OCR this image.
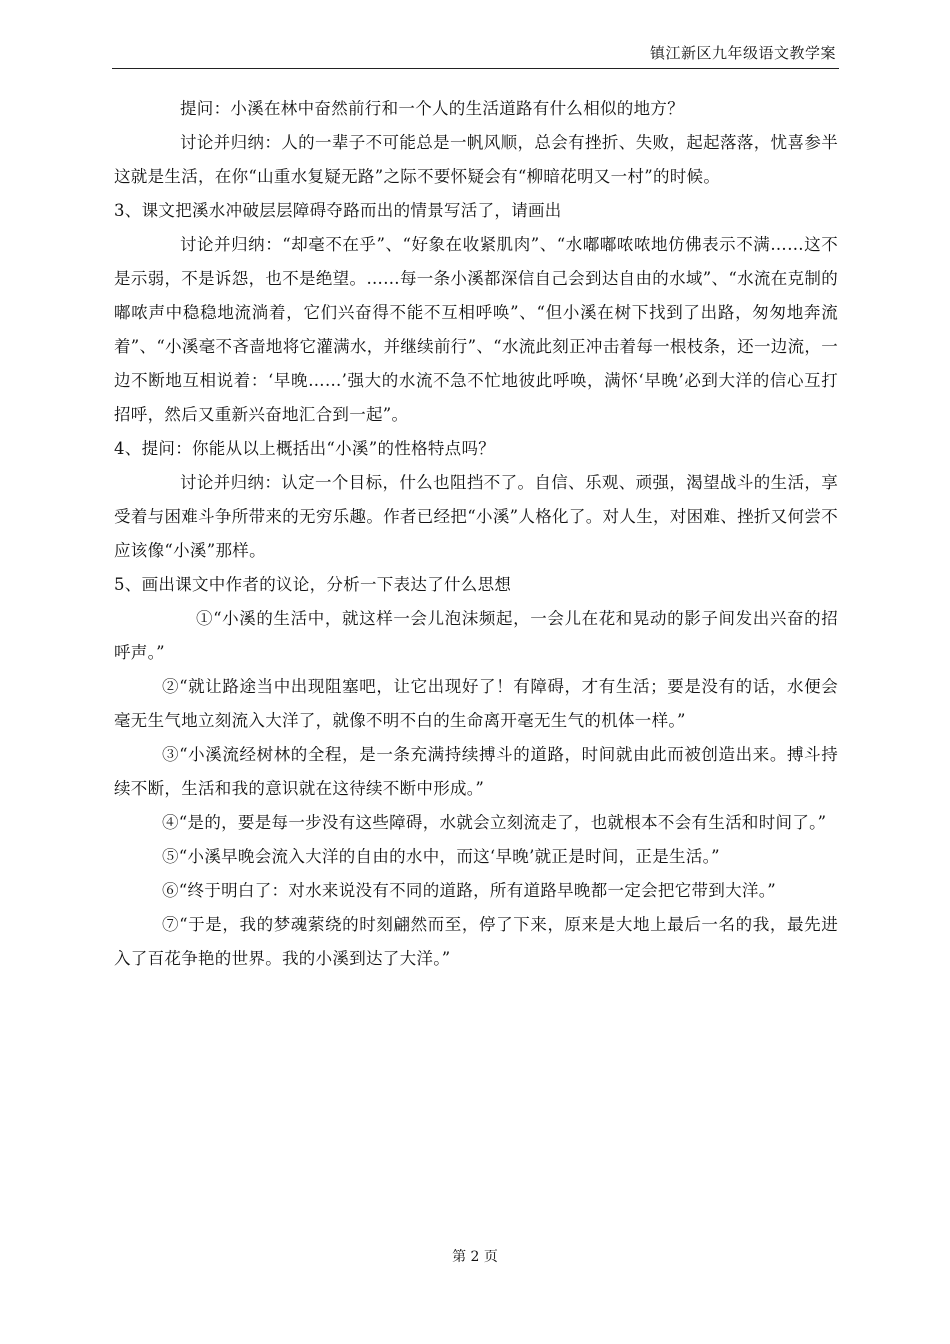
镇江新区九年级语文教学案

提问：小溪在林中奋然前行和一个人的生活道路有什么相似的地方？

讨论并归纳：人的一辈子不可能总是一帆风顺，总会有挫折、失败，起起落落，忧喜参半这就是生活，在你“山重水复疑无路”之际不要怀疑会有“柳暗花明又一村”的时候。

3、课文把溪水冲破层层障碍夺路而出的情景写活了，请画出

讨论并归纳：“却毫不在乎”、“好象在收紧肌肉”、“水嘟嘟哝哝地仿佛表示不满……这不是示弱，不是诉怨，也不是绝望。……每一条小溪都深信自己会到达自由的水域”、“水流在克制的嘟哝声中稳稳地流淌着，它们兴奋得不能不互相呼唤”、“但小溪在树下找到了出路，匆匆地奔流着”、“小溪毫不吝啬地将它灌满水，并继续前行”、“水流此刻正冲击着每一根枝条，还一边流，一边不断地互相说着：‘早晚……’强大的水流不急不忙地彼此呼唤，满怀‘早晚’必到大洋的信心互打招呼，然后又重新兴奋地汇合到一起”。

4、提问：你能从以上概括出“小溪”的性格特点吗？

讨论并归纳：认定一个目标，什么也阻挡不了。自信、乐观、顽强，渴望战斗的生活，享受着与困难斗争所带来的无穷乐趣。作者已经把“小溪”人格化了。对人生，对困难、挫折又何尝不应该像“小溪”那样。

5、画出课文中作者的议论，分析一下表达了什么思想

①“小溪的生活中，就这样一会儿泡沫频起，一会儿在花和晃动的影子间发出兴奋的招呼声。”

②“就让路途当中出现阻塞吧，让它出现好了！有障碍，才有生活；要是没有的话，水便会毫无生气地立刻流入大洋了，就像不明不白的生命离开毫无生气的机体一样。”

③“小溪流经树林的全程，是一条充满持续搏斗的道路，时间就由此而被创造出来。搏斗持续不断，生活和我的意识就在这待续不断中形成。”

④“是的，要是每一步没有这些障碍，水就会立刻流走了，也就根本不会有生活和时间了。”

⑤“小溪早晚会流入大洋的自由的水中，而这‘早晚’就正是时间，正是生活。”

⑥“终于明白了：对水来说没有不同的道路，所有道路早晚都一定会把它带到大洋。”

⑦“于是，我的梦魂萦绕的时刻翩然而至，停了下来，原来是大地上最后一名的我，最先进入了百花争艳的世界。我的小溪到达了大洋。”

第 2 页
